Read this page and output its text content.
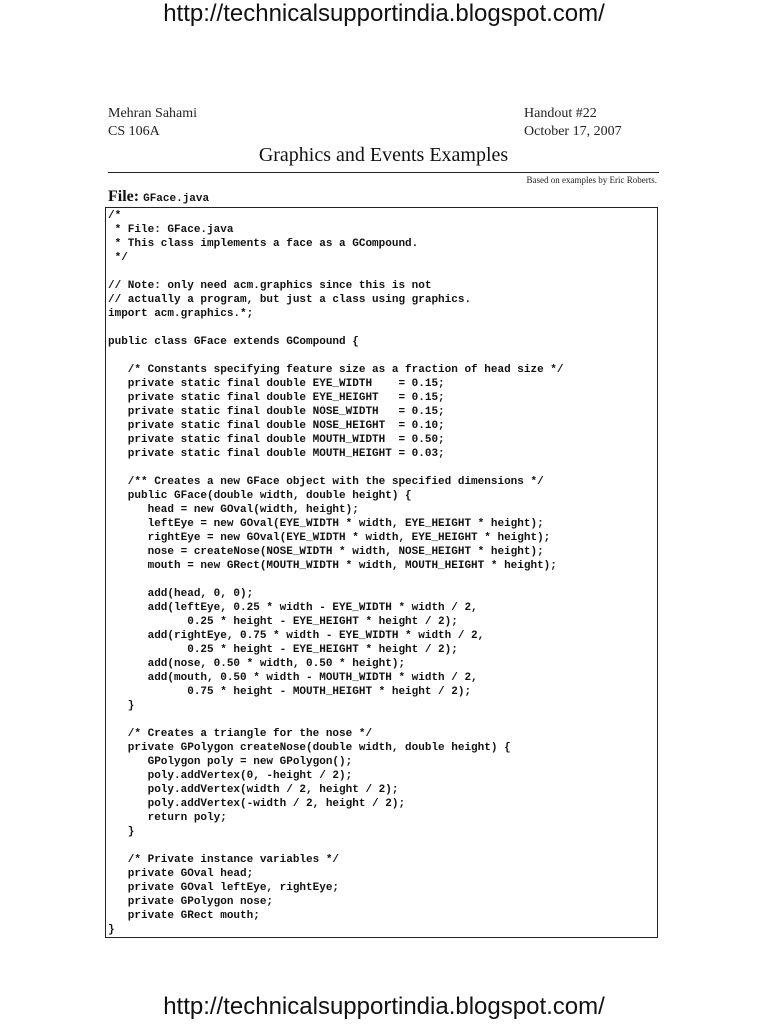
http://technicalsupportindia.blogspot.com/
Mehran Sahami
CS 106A
Handout #22
October 17, 2007
Graphics and Events Examples
Based on examples by Eric Roberts.
File: GFace.java
/*
* File: GFace.java
* This class implements a face as a GCompound.
*/
// Note: only need acm.graphics since this is not
// actually a program, but just a class using graphics.
import acm.graphics.*;
public class GFace extends GCompound {
/* Constants specifying feature size as a fraction of head size */
private static final double EYE_WIDTH    = 0.15;
private static final double EYE_HEIGHT   = 0.15;
private static final double NOSE_WIDTH   = 0.15;
private static final double NOSE_HEIGHT  = 0.10;
private static final double MOUTH_WIDTH  = 0.50;
private static final double MOUTH_HEIGHT = 0.03;
/** Creates a new GFace object with the specified dimensions */
public GFace(double width, double height) {
head = new GOval(width, height);
leftEye = new GOval(EYE_WIDTH * width, EYE_HEIGHT * height);
rightEye = new GOval(EYE_WIDTH * width, EYE_HEIGHT * height);
nose = createNose(NOSE_WIDTH * width, NOSE_HEIGHT * height);
mouth = new GRect(MOUTH_WIDTH * width, MOUTH_HEIGHT * height);
add(head, 0, 0);
add(leftEye, 0.25 * width - EYE_WIDTH * width / 2,
0.25 * height - EYE_HEIGHT * height / 2);
add(rightEye, 0.75 * width - EYE_WIDTH * width / 2,
0.25 * height - EYE_HEIGHT * height / 2);
add(nose, 0.50 * width, 0.50 * height);
add(mouth, 0.50 * width - MOUTH_WIDTH * width / 2,
0.75 * height - MOUTH_HEIGHT * height / 2);
}
/* Creates a triangle for the nose */
private GPolygon createNose(double width, double height) {
GPolygon poly = new GPolygon();
poly.addVertex(0, -height / 2);
poly.addVertex(width / 2, height / 2);
poly.addVertex(-width / 2, height / 2);
return poly;
}
/* Private instance variables */
private GOval head;
private GOval leftEye, rightEye;
private GPolygon nose;
private GRect mouth;
}
http://technicalsupportindia.blogspot.com/
